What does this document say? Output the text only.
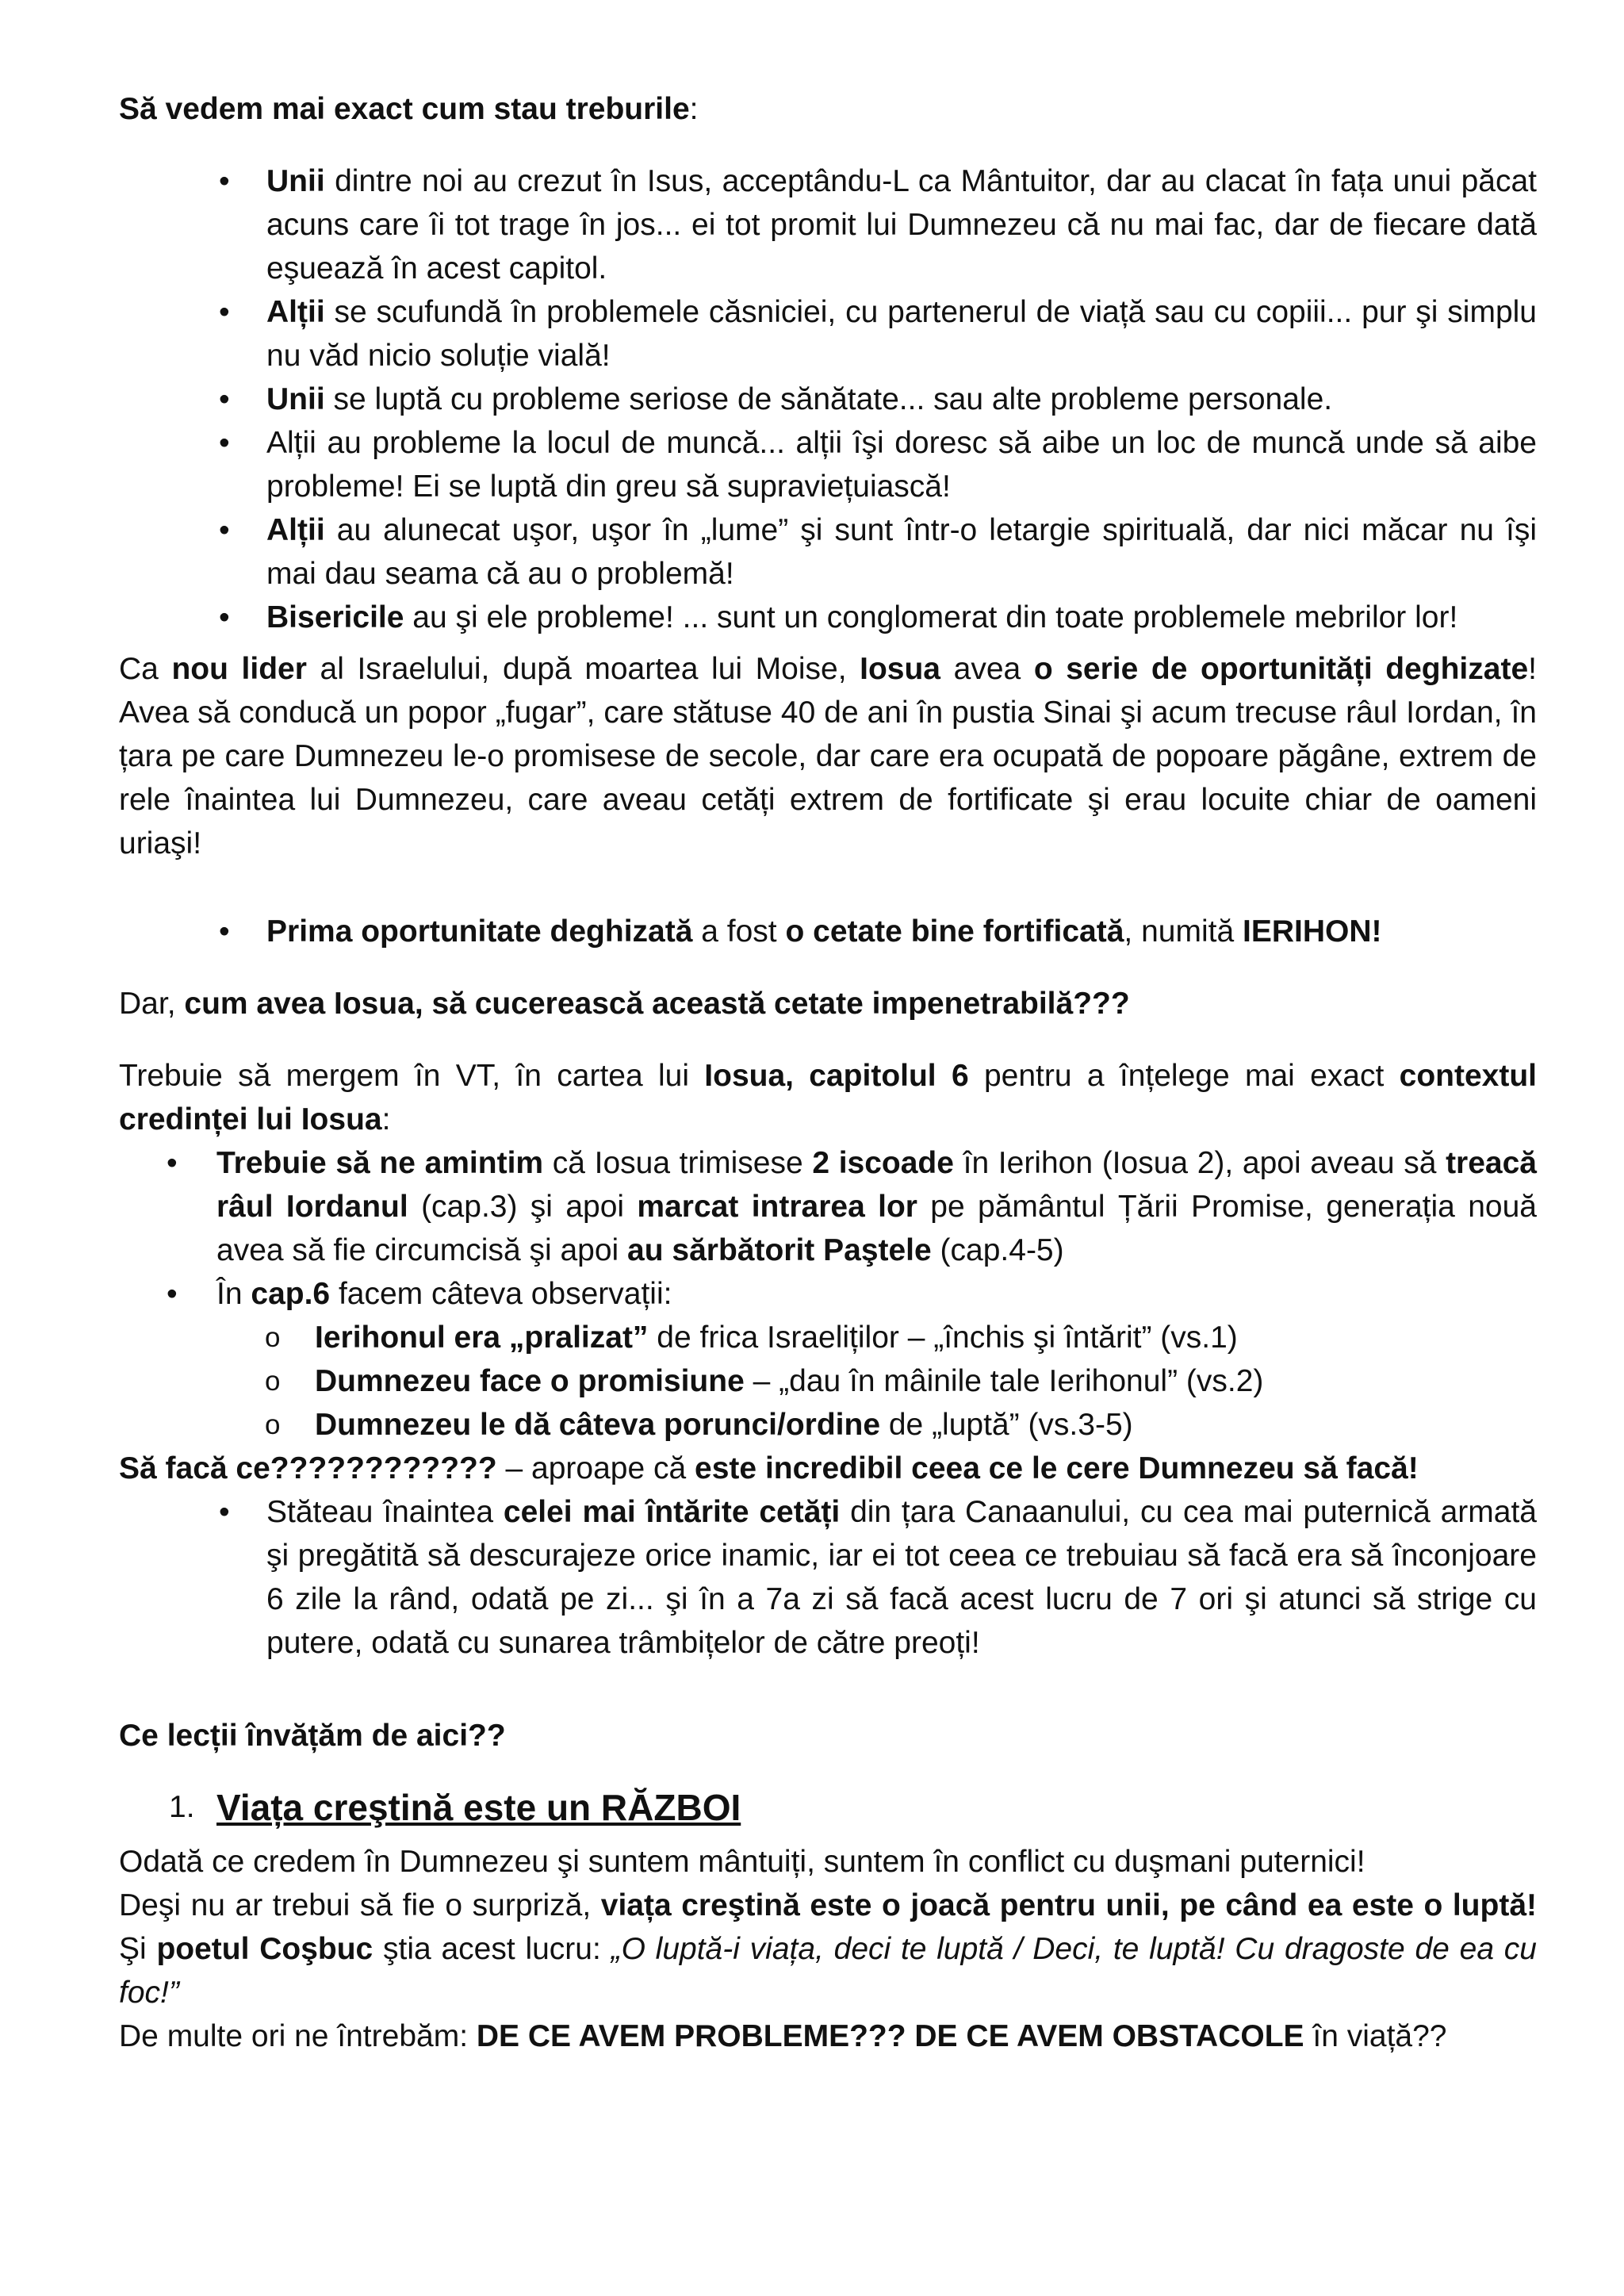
Să vedem mai exact cum stau treburile:

• Unii dintre noi au crezut în Isus, acceptându-L ca Mântuitor, dar au clacat în fața unui păcat acuns care îi tot trage în jos... ei tot promit lui Dumnezeu că nu mai fac, dar de fiecare dată eşuează în acest capitol.
• Alții se scufundă în problemele căsniciei, cu partenerul de viață sau cu copiii... pur şi simplu nu văd nicio soluție vială!
• Unii se luptă cu probleme seriose de sănătate... sau alte probleme personale.
• Alții au probleme la locul de muncă... alții îşi doresc să aibe un loc de muncă unde să aibe probleme! Ei se luptă din greu să supraviețuiască!
• Alții au alunecat uşor, uşor în „lume” şi sunt într-o letargie spirituală, dar nici măcar nu îşi mai dau seama că au o problemă!
• Bisericile au şi ele probleme! ... sunt un conglomerat din toate problemele mebrilor lor!

Ca nou lider al Israelului, după moartea lui Moise, Iosua avea o serie de oportunități deghizate! Avea să conducă un popor „fugar”, care stătuse 40 de ani în pustia Sinai şi acum trecuse râul Iordan, în țara pe care Dumnezeu le-o promisese de secole, dar care era ocupată de popoare păgâne, extrem de rele înaintea lui Dumnezeu, care aveau cetăți extrem de fortificate şi erau locuite chiar de oameni uriaşi!

• Prima oportunitate deghizată a fost o cetate bine fortificată, numită IERIHON!

Dar, cum avea Iosua, să cucerească această cetate impenetrabilă???

Trebuie să mergem în VT, în cartea lui Iosua, capitolul 6 pentru a înțelege mai exact contextul credinței lui Iosua:

• Trebuie să ne amintim că Iosua trimisese 2 iscoade în Ierihon (Iosua 2), apoi aveau să treacă râul Iordanul (cap.3) şi apoi marcat intrarea lor pe pământul Țării Promise, generația nouă avea să fie circumcisă şi apoi au sărbătorit Paştele (cap.4-5)
• În cap.6 facem câteva observații:
o Ierihonul era „pralizat” de frica Israeliților – „închis şi întărit” (vs.1)
o Dumnezeu face o promisiune – „dau în mâinile tale Ierihonul” (vs.2)
o Dumnezeu le dă câteva porunci/ordine de „luptă” (vs.3-5)

Să facă ce???????????? – aproape că este incredibil ceea ce le cere Dumnezeu să facă!

• Stăteau înaintea celei mai întărite cetăți din țara Canaanului, cu cea mai puternică armată şi pregătită să descurajeze orice inamic, iar ei tot ceea ce trebuiau să facă era să înconjoare 6 zile la rând, odată pe zi... şi în a 7a zi să facă acest lucru de 7 ori şi atunci să strige cu putere, odată cu sunarea trâmbițelor de către preoți!

Ce lecții învățăm de aici??

1. Viața creştină este un RĂZBOI

Odată ce credem în Dumnezeu şi suntem mântuiți, suntem în conflict cu duşmani puternici!

Deşi nu ar trebui să fie o surpriză, viața creştină este o joacă pentru unii, pe când ea este o luptă! Şi poetul Coşbuc ştia acest lucru: „O luptă-i viața, deci te luptă / Deci, te luptă! Cu dragoste de ea cu foc!”

De multe ori ne întrebăm: DE CE AVEM PROBLEME??? DE CE AVEM OBSTACOLE în viață??
